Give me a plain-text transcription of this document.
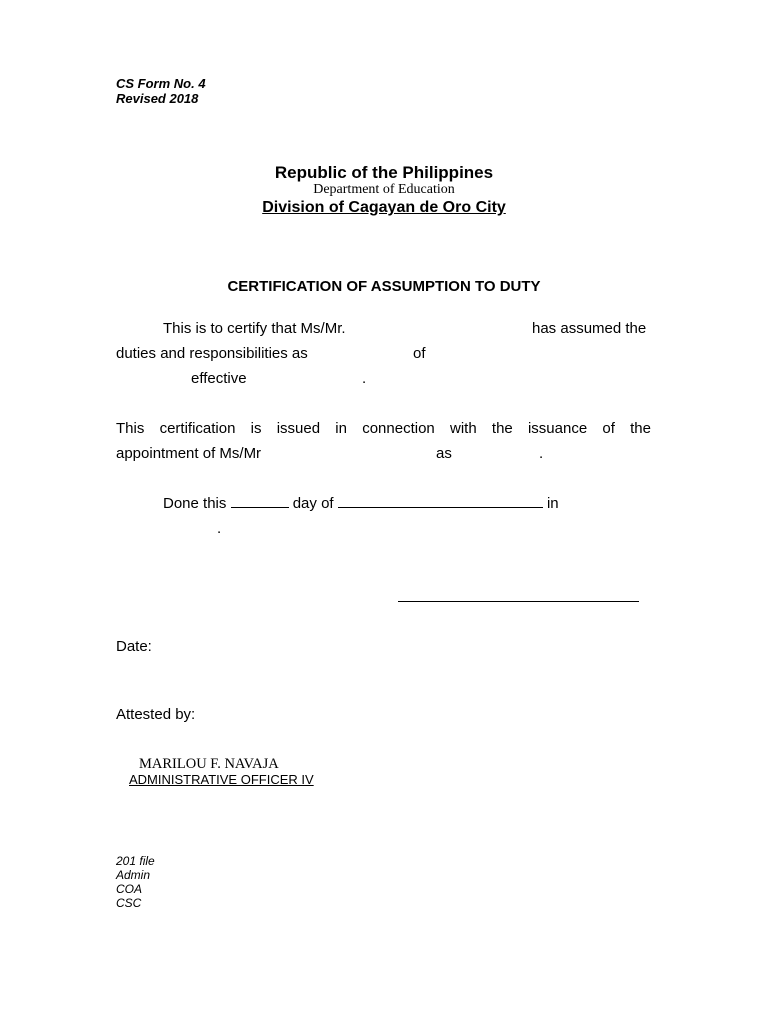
CS Form No. 4
Revised 2018
Republic of the Philippines
Department of Education
Division of Cagayan de Oro City
CERTIFICATION OF ASSUMPTION TO DUTY
This is to certify that Ms/Mr.	has assumed the
duties and responsibilities as	of
effective	.
This certification is issued in connection with the issuance of the
appointment of Ms/Mr	as	.
Done this	day of	in
.
Date:
Attested by:
MARILOU F. NAVAJA
ADMINISTRATIVE OFFICER IV
201 file
Admin
COA
CSC
